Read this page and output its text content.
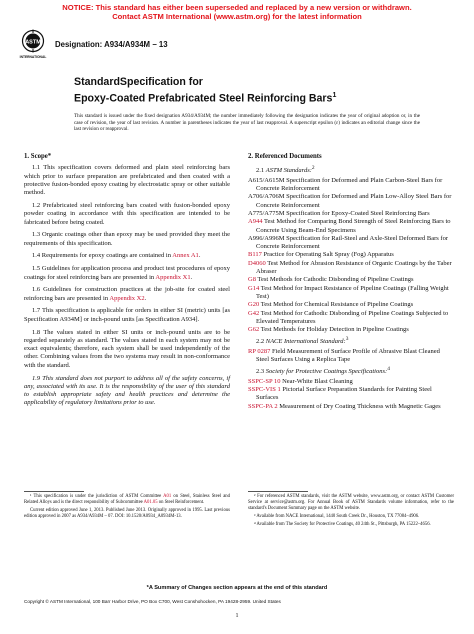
NOTICE: This standard has either been superseded and replaced by a new version or withdrawn.
Contact ASTM International (www.astm.org) for the latest information
ASTM
INTERNATIONAL
Designation: A934/A934M − 13
StandardSpecification for
Epoxy-Coated Prefabricated Steel Reinforcing Bars$^1$
This standard is issued under the fixed designation A934/A934M; the number immediately following the designation indicates the year of original adoption or, in the case of revision, the year of last revision. A number in parentheses indicates the year of last reapproval. A superscript epsilon (ε) indicates an editorial change since the last revision or reapproval.
1. Scope*

1.1 This specification covers deformed and plain steel reinforcing bars which prior to surface preparation are prefabricated and then coated with a protective fusion-bonded epoxy coating by electrostatic spray or other suitable method.

1.2 Prefabricated steel reinforcing bars coated with fusion-bonded epoxy powder coating in accordance with this specification are intended to be fabricated before being coated.

1.3 Organic coatings other than epoxy may be used provided they meet the requirements of this specification.

1.4 Requirements for epoxy coatings are contained in Annex A1.

1.5 Guidelines for application process and product test procedures of epoxy coatings for steel reinforcing bars are presented in Appendix X1.

1.6 Guidelines for construction practices at the job-site for coated steel reinforcing bars are presented in Appendix X2.

1.7 This specification is applicable for orders in either SI (metric) units [as Specification A934M] or inch-pound units [as Specification A934].

1.8 The values stated in either SI units or inch-pound units are to be regarded separately as standard. The values stated in each system may not be exact equivalents; therefore, each system shall be used independently of the other. Combining values from the two systems may result in non-conformance with the standard.

1.9 This standard does not purport to address all of the safety concerns, if any, associated with its use. It is the responsibility of the user of this standard to establish appropriate safety and health practices and determine the applicability of regulatory limitations prior to use.

2. Referenced Documents
2.1 ASTM Standards:$^2$

A615/A615M Specification for Deformed and Plain Carbon-Steel Bars for Concrete Reinforcement

A706/A706M Specification for Deformed and Plain Low-Alloy Steel Bars for Concrete Reinforcement

A775/A775M Specification for Epoxy-Coated Steel Reinforcing Bars

A944 Test Method for Comparing Bond Strength of Steel Reinforcing Bars to Concrete Using Beam-End Specimens

A996/A996M Specification for Rail-Steel and Axle-Steel Deformed Bars for Concrete Reinforcement

B117 Practice for Operating Salt Spray (Fog) Apparatus

D4060 Test Method for Abrasion Resistance of Organic Coatings by the Taber Abraser

G8 Test Methods for Cathodic Disbonding of Pipeline Coatings

G14 Test Method for Impact Resistance of Pipeline Coatings (Falling Weight Test)

G20 Test Method for Chemical Resistance of Pipeline Coatings

G42 Test Method for Cathodic Disbonding of Pipeline Coatings Subjected to Elevated Temperatures

G62 Test Methods for Holiday Detection in Pipeline Coatings

2.2 NACE International Standard:$^3$

RP 0287 Field Measurement of Surface Profile of Abrasive Blast Cleaned Steel Surfaces Using a Replica Tape

2.3 Society for Protective Coatings Specifications:$^4$

SSPC-SP 10 Near-White Blast Cleaning

SSPC-VIS 1 Pictorial Surface Preparation Standards for Painting Steel Surfaces

SSPC-PA 2 Measurement of Dry Coating Thickness with Magnetic Gages

¹ This specification is under the jurisdiction of ASTM Committee A01 on Steel, Stainless Steel and Related Alloys and is the direct responsibility of Subcommittee A01.05 on Steel Reinforcement.

Current edition approved June 1, 2013. Published June 2013. Originally approved in 1995. Last previous edition approved in 2007 as A934/A934M – 07. DOI: 10.1520/A0934_A0934M-13.

² For referenced ASTM standards, visit the ASTM website, www.astm.org, or contact ASTM Customer Service at service@astm.org. For Annual Book of ASTM Standards volume information, refer to the standard's Document Summary page on the ASTM website.

³ Available from NACE International, 1440 South Creek Dr., Houston, TX 77084–4906.

⁴ Available from The Society for Protective Coatings, 40 24th St., Pittsburgh, PA 15222–4656.

*A Summary of Changes section appears at the end of this standard
Copyright © ASTM International, 100 Barr Harbor Drive, PO Box C700, West Conshohocken, PA 19428-2959. United States
1
